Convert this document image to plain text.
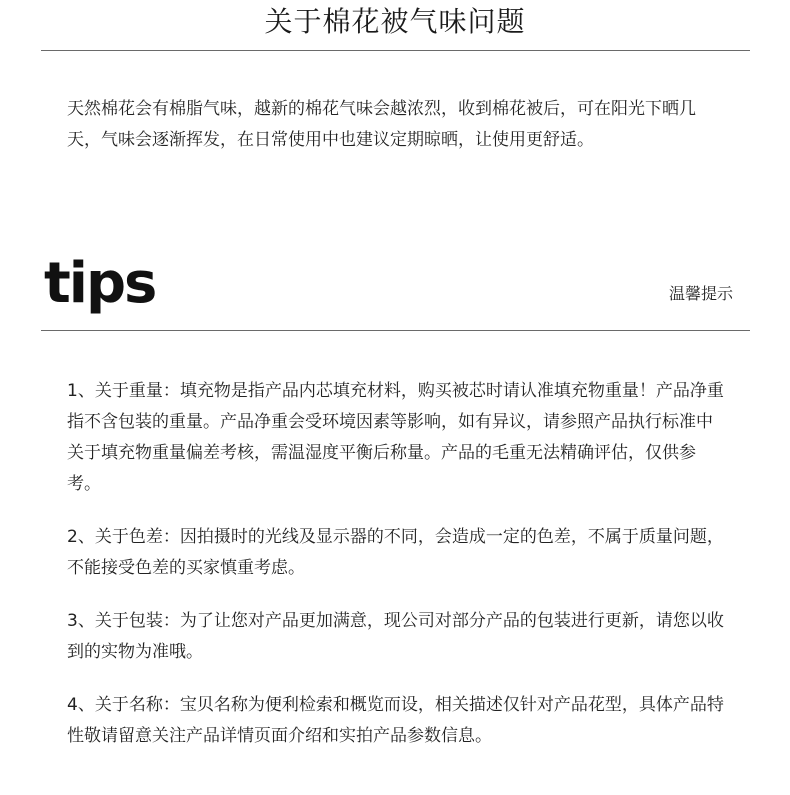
关于棉花被气味问题

天然棉花会有棉脂气味，越新的棉花气味会越浓烈，收到棉花被后，可在阳光下晒几天，气味会逐渐挥发，在日常使用中也建议定期晾晒，让使用更舒适。

tips	温馨提示

1、关于重量：填充物是指产品内芯填充材料，购买被芯时请认准填充物重量！产品净重指不含包装的重量。产品净重会受环境因素等影响，如有异议，请参照产品执行标准中关于填充物重量偏差考核，需温湿度平衡后称量。产品的毛重无法精确评估，仅供参考。

2、关于色差：因拍摄时的光线及显示器的不同，会造成一定的色差，不属于质量问题，不能接受色差的买家慎重考虑。

3、关于包装：为了让您对产品更加满意，现公司对部分产品的包装进行更新，请您以收到的实物为准哦。

4、关于名称：宝贝名称为便利检索和概览而设，相关描述仅针对产品花型，具体产品特性敬请留意关注产品详情页面介绍和实拍产品参数信息。
